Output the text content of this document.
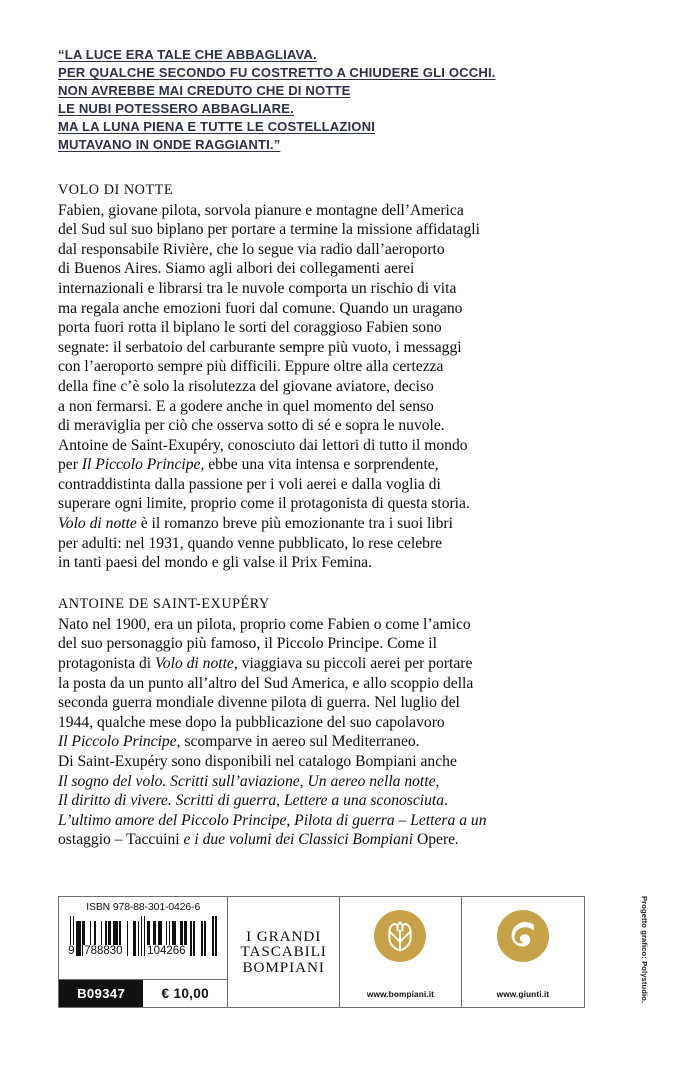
“LA LUCE ERA TALE CHE ABBAGLIAVA.
PER QUALCHE SECONDO FU COSTRETTO A CHIUDERE GLI OCCHI.
NON AVREBBE MAI CREDUTO CHE DI NOTTE
LE NUBI POTESSERO ABBAGLIARE.
MA LA LUNA PIENA E TUTTE LE COSTELLAZIONI
MUTAVANO IN ONDE RAGGIANTI.”
VOLO DI NOTTE
Fabien, giovane pilota, sorvola pianure e montagne dell’America
del Sud sul suo biplano per portare a termine la missione affidatagli
dal responsabile Rivière, che lo segue via radio dall’aeroporto
di Buenos Aires. Siamo agli albori dei collegamenti aerei
internazionali e librarsi tra le nuvole comporta un rischio di vita
ma regala anche emozioni fuori dal comune. Quando un uragano
porta fuori rotta il biplano le sorti del coraggioso Fabien sono
segnate: il serbatoio del carburante sempre più vuoto, i messaggi
con l’aeroporto sempre più difficili. Eppure oltre alla certezza
della fine c’è solo la risolutezza del giovane aviatore, deciso
a non fermarsi. E a godere anche in quel momento del senso
di meraviglia per ciò che osserva sotto di sé e sopra le nuvole.
Antoine de Saint-Exupéry, conosciuto dai lettori di tutto il mondo
per Il Piccolo Principe, ebbe una vita intensa e sorprendente,
contraddistinta dalla passione per i voli aerei e dalla voglia di
superare ogni limite, proprio come il protagonista di questa storia.
Volo di notte è il romanzo breve più emozionante tra i suoi libri
per adulti: nel 1931, quando venne pubblicato, lo rese celebre
in tanti paesi del mondo e gli valse il Prix Femina.
ANTOINE DE SAINT-EXUPÉRY
Nato nel 1900, era un pilota, proprio come Fabien o come l’amico
del suo personaggio più famoso, il Piccolo Principe. Come il
protagonista di Volo di notte, viaggiava su piccoli aerei per portare
la posta da un punto all’altro del Sud America, e allo scoppio della
seconda guerra mondiale divenne pilota di guerra. Nel luglio del
1944, qualche mese dopo la pubblicazione del suo capolavoro
Il Piccolo Principe, scomparve in aereo sul Mediterraneo.
Di Saint-Exupéry sono disponibili nel catalogo Bompiani anche
Il sogno del volo. Scritti sull’aviazione, Un aereo nella notte,
Il diritto di vivere. Scritti di guerra, Lettere a una sconosciuta.
L’ultimo amore del Piccolo Principe, Pilota di guerra – Lettera a un
ostaggio – Taccuini e i due volumi dei Classici Bompiani Opere.
ISBN 978-88-301-0426-6
9 788830 104266
B09347	€ 10,00
I GRANDI
TASCABILI
BOMPIANI
www.bompiani.it	www.giunti.it	Progetto grafico: Polystudio.
